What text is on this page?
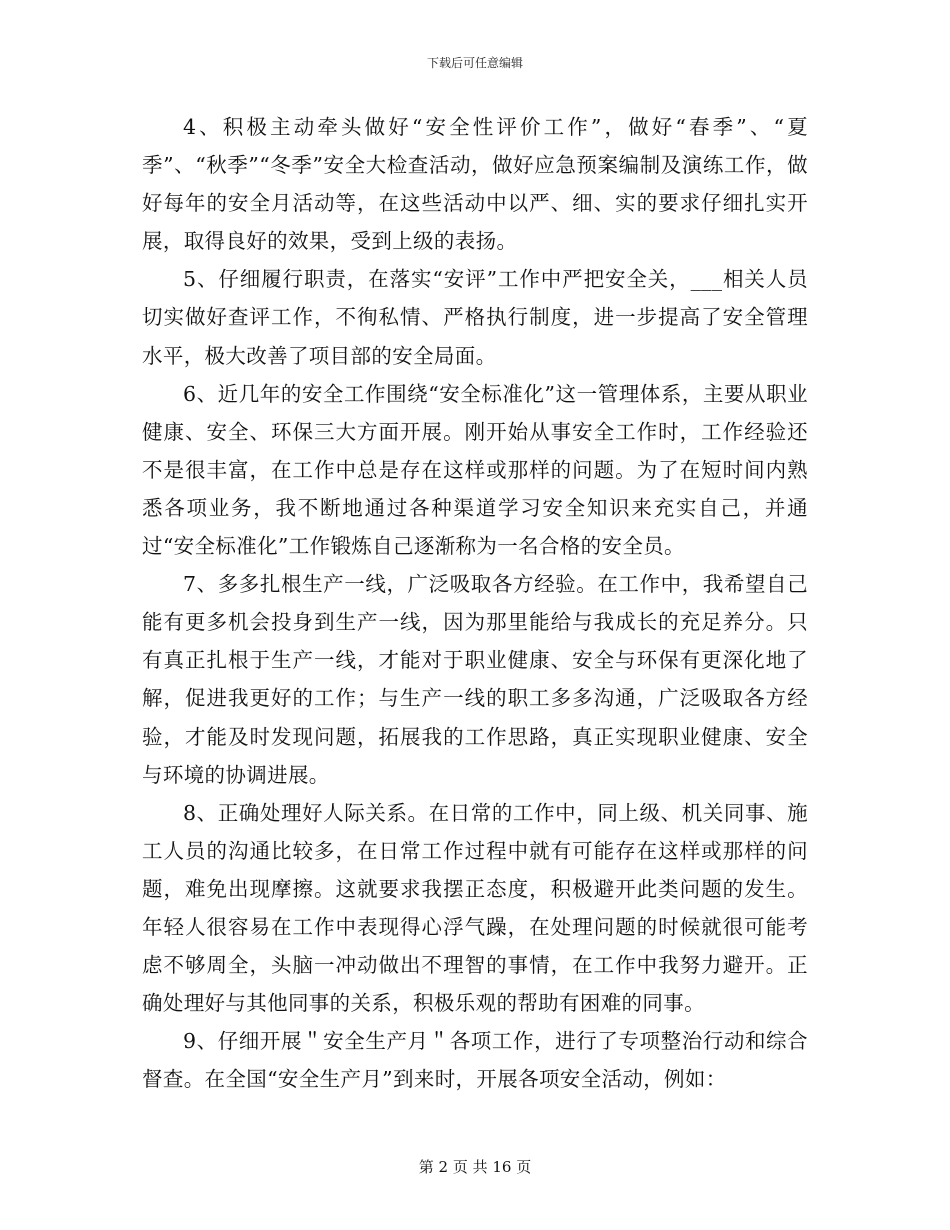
下载后可任意编辑

4、积极主动牵头做好“安全性评价工作”，做好“春季”、“夏季”、“秋季”“冬季”安全大检查活动，做好应急预案编制及演练工作，做好每年的安全月活动等，在这些活动中以严、细、实的要求仔细扎实开展，取得良好的效果，受到上级的表扬。

5、仔细履行职责，在落实“安评”工作中严把安全关，___相关人员切实做好查评工作，不徇私情、严格执行制度，进一步提高了安全管理水平，极大改善了项目部的安全局面。

6、近几年的安全工作围绕“安全标准化”这一管理体系，主要从职业健康、安全、环保三大方面开展。刚开始从事安全工作时，工作经验还不是很丰富，在工作中总是存在这样或那样的问题。为了在短时间内熟悉各项业务，我不断地通过各种渠道学习安全知识来充实自己，并通过“安全标准化”工作锻炼自己逐渐称为一名合格的安全员。

7、多多扎根生产一线，广泛吸取各方经验。在工作中，我希望自己能有更多机会投身到生产一线，因为那里能给与我成长的充足养分。只有真正扎根于生产一线，才能对于职业健康、安全与环保有更深化地了解，促进我更好的工作；与生产一线的职工多多沟通，广泛吸取各方经验，才能及时发现问题，拓展我的工作思路，真正实现职业健康、安全与环境的协调进展。

8、正确处理好人际关系。在日常的工作中，同上级、机关同事、施工人员的沟通比较多，在日常工作过程中就有可能存在这样或那样的问题，难免出现摩擦。这就要求我摆正态度，积极避开此类问题的发生。年轻人很容易在工作中表现得心浮气躁，在处理问题的时候就很可能考虑不够周全，头脑一冲动做出不理智的事情，在工作中我努力避开。正确处理好与其他同事的关系，积极乐观的帮助有困难的同事。

9、仔细开展＂安全生产月＂各项工作，进行了专项整治行动和综合督查。在全国“安全生产月”到来时，开展各项安全活动，例如：

第 2 页 共 16 页
